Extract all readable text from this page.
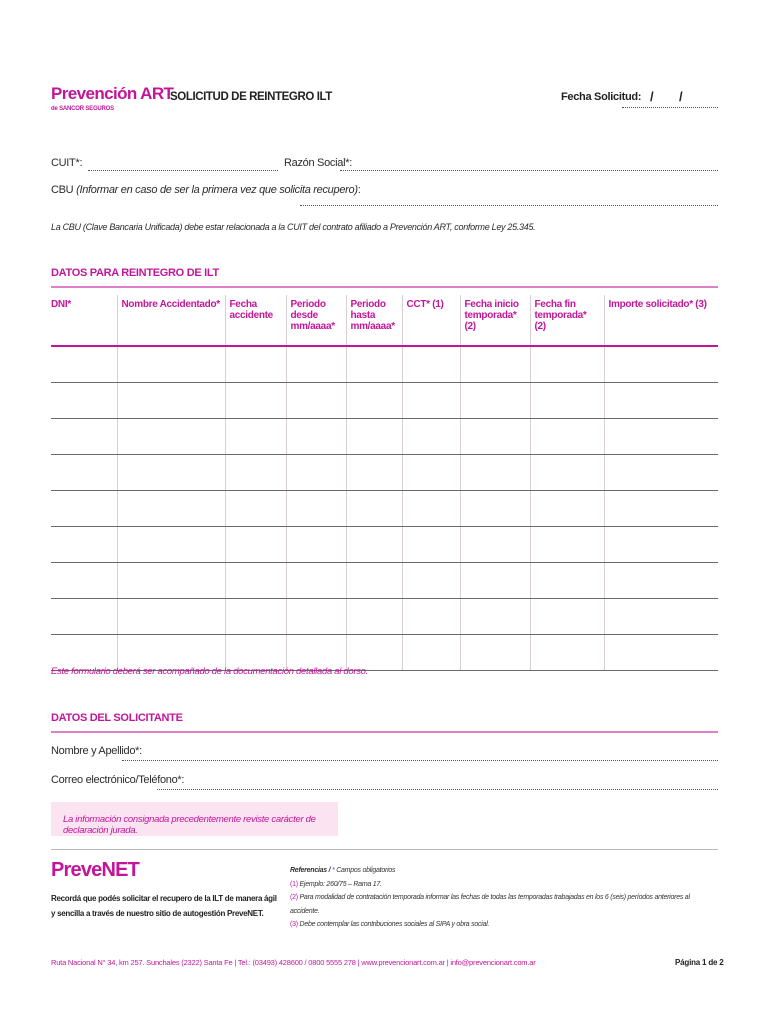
Prevención ART
de SANCOR SEGUROS
SOLICITUD DE REINTEGRO ILT	Fecha Solicitud: / /
CUIT*:	Razón Social*:
CBU (Informar en caso de ser la primera vez que solicita recupero):
La CBU (Clave Bancaria Unificada) debe estar relacionada a la CUIT del contrato afiliado a Prevención ART, conforme Ley 25.345.
DATOS PARA REINTEGRO DE ILT
DNI*	Nombre Accidentado*	Fecha accidente	Periodo desde mm/aaaa*	Periodo hasta mm/aaaa*	CCT* (1)	Fecha inicio temporada* (2)	Fecha fin temporada* (2)	Importe solicitado* (3)

Este formulario deberá ser acompañado de la documentación detallada al dorso.
DATOS DEL SOLICITANTE
Nombre y Apellido*:
Correo electrónico/Teléfono*:
La información consignada precedentemente reviste carácter de declaración jurada.
PreveNET
Recordá que podés solicitar el recupero de la ILT de manera ágil y sencilla a través de nuestro sitio de autogestión PreveNET.
Referencias / * Campos obligatorios
(1) Ejemplo: 260/75 – Rama 17.
(2) Para modalidad de contratación temporada informar las fechas de todas las temporadas trabajadas en los 6 (seis) períodos anteriores al accidente.
(3) Debe contemplar las contribuciones sociales al SIPA y obra social.
Ruta Nacional N° 34, km 257. Sunchales (2322) Santa Fe | Tel.: (03493) 428600 / 0800 5555 278 | www.prevencionart.com.ar | info@prevencionart.com.ar	Página 1 de 2
